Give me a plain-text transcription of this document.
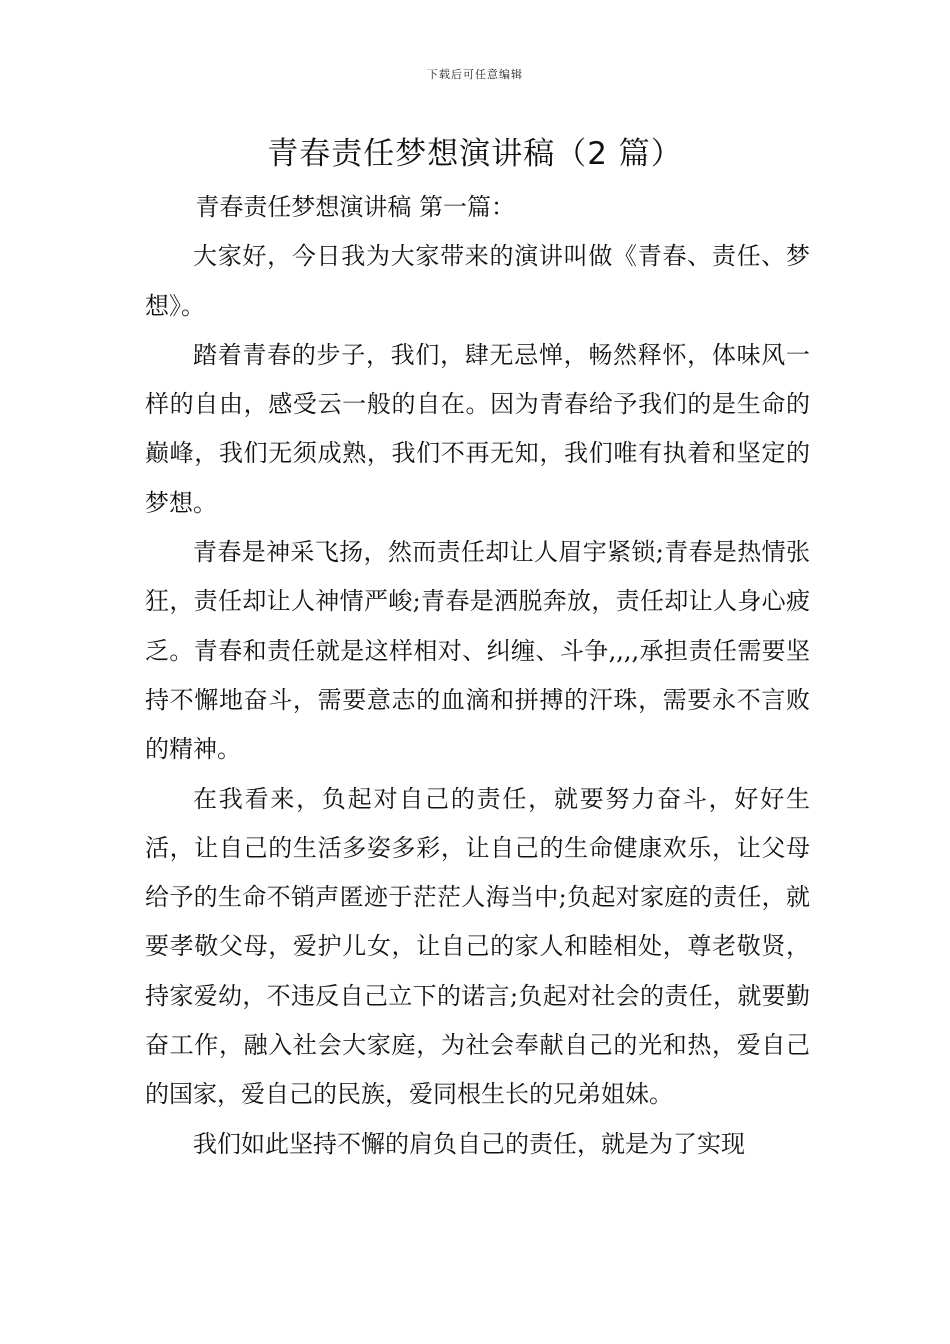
下载后可任意编辑
青春责任梦想演讲稿（2 篇）

青春责任梦想演讲稿 第一篇：

大家好，今日我为大家带来的演讲叫做《青春、责任、梦想》。

踏着青春的步子，我们，肆无忌惮，畅然释怀，体味风一样的自由，感受云一般的自在。因为青春给予我们的是生命的巅峰，我们无须成熟，我们不再无知，我们唯有执着和坚定的梦想。

青春是神采飞扬，然而责任却让人眉宇紧锁;青春是热情张狂，责任却让人神情严峻;青春是洒脱奔放，责任却让人身心疲乏。青春和责任就是这样相对、纠缠、斗争,,,,承担责任需要坚持不懈地奋斗，需要意志的血滴和拼搏的汗珠，需要永不言败的精神。

在我看来，负起对自己的责任，就要努力奋斗，好好生活，让自己的生活多姿多彩，让自己的生命健康欢乐，让父母给予的生命不销声匿迹于茫茫人海当中;负起对家庭的责任，就要孝敬父母，爱护儿女，让自己的家人和睦相处，尊老敬贤，持家爱幼，不违反自己立下的诺言;负起对社会的责任，就要勤奋工作，融入社会大家庭，为社会奉献自己的光和热，爱自己的国家，爱自己的民族，爱同根生长的兄弟姐妹。

我们如此坚持不懈的肩负自己的责任，就是为了实现
